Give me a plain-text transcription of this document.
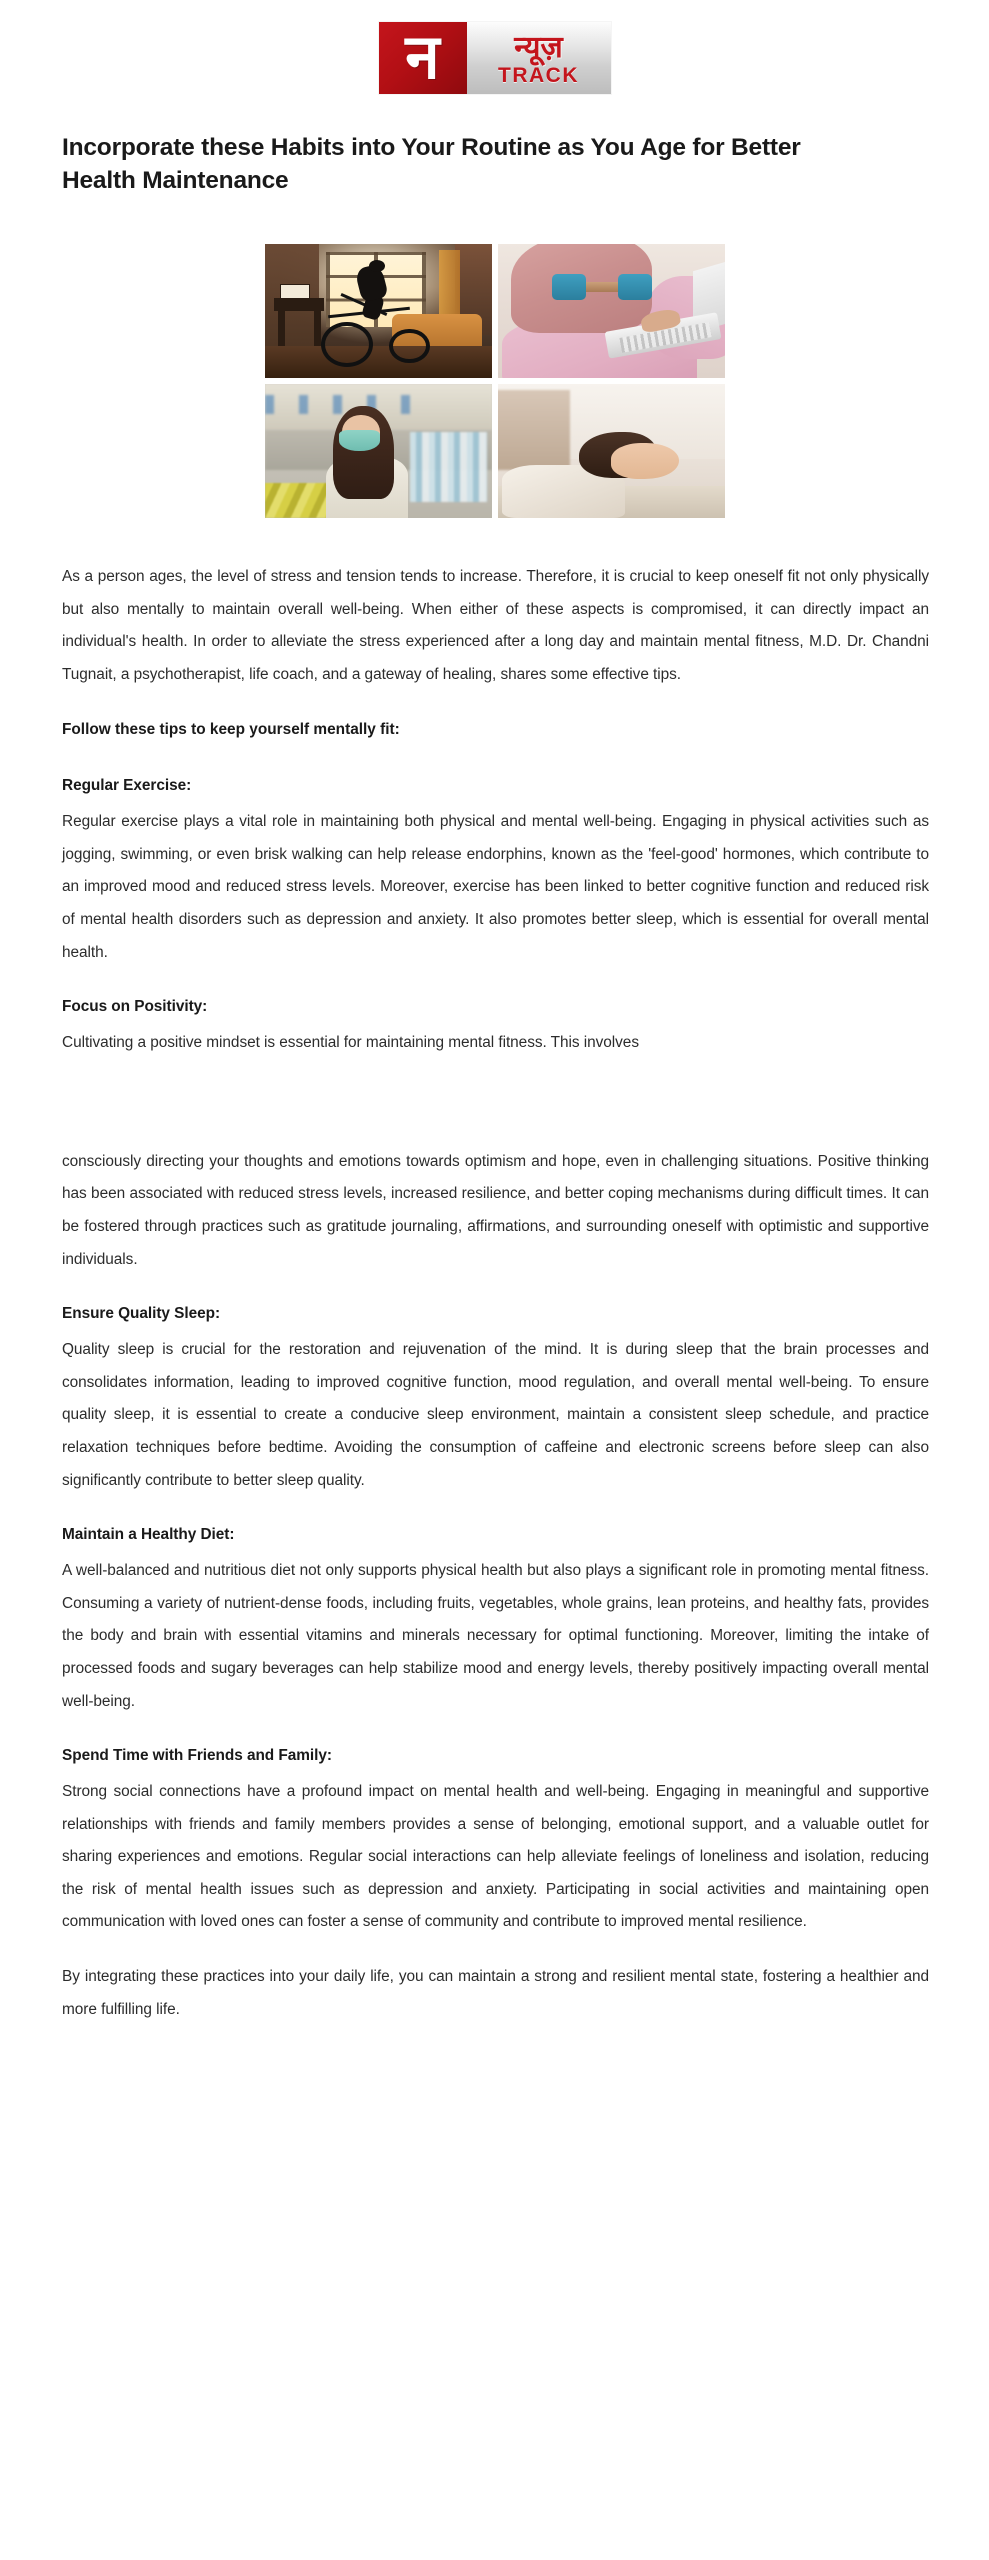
न न्यूज़
TRACK
Incorporate these Habits into Your Routine as You Age for Better Health Maintenance

As a person ages, the level of stress and tension tends to increase. Therefore, it is crucial to keep oneself fit not only physically but also mentally to maintain overall well-being. When either of these aspects is compromised, it can directly impact an individual's health. In order to alleviate the stress experienced after a long day and maintain mental fitness, M.D. Dr. Chandni Tugnait, a psychotherapist, life coach, and a gateway of healing, shares some effective tips.

Follow these tips to keep yourself mentally fit:

Regular Exercise:

Regular exercise plays a vital role in maintaining both physical and mental well-being. Engaging in physical activities such as jogging, swimming, or even brisk walking can help release endorphins, known as the 'feel-good' hormones, which contribute to an improved mood and reduced stress levels. Moreover, exercise has been linked to better cognitive function and reduced risk of mental health disorders such as depression and anxiety. It also promotes better sleep, which is essential for overall mental health.

Focus on Positivity:

Cultivating a positive mindset is essential for maintaining mental fitness. This involves

consciously directing your thoughts and emotions towards optimism and hope, even in challenging situations. Positive thinking has been associated with reduced stress levels, increased resilience, and better coping mechanisms during difficult times. It can be fostered through practices such as gratitude journaling, affirmations, and surrounding oneself with optimistic and supportive individuals.

Ensure Quality Sleep:

Quality sleep is crucial for the restoration and rejuvenation of the mind. It is during sleep that the brain processes and consolidates information, leading to improved cognitive function, mood regulation, and overall mental well-being. To ensure quality sleep, it is essential to create a conducive sleep environment, maintain a consistent sleep schedule, and practice relaxation techniques before bedtime. Avoiding the consumption of caffeine and electronic screens before sleep can also significantly contribute to better sleep quality.

Maintain a Healthy Diet:

A well-balanced and nutritious diet not only supports physical health but also plays a significant role in promoting mental fitness. Consuming a variety of nutrient-dense foods, including fruits, vegetables, whole grains, lean proteins, and healthy fats, provides the body and brain with essential vitamins and minerals necessary for optimal functioning. Moreover, limiting the intake of processed foods and sugary beverages can help stabilize mood and energy levels, thereby positively impacting overall mental well-being.

Spend Time with Friends and Family:

Strong social connections have a profound impact on mental health and well-being. Engaging in meaningful and supportive relationships with friends and family members provides a sense of belonging, emotional support, and a valuable outlet for sharing experiences and emotions. Regular social interactions can help alleviate feelings of loneliness and isolation, reducing the risk of mental health issues such as depression and anxiety. Participating in social activities and maintaining open communication with loved ones can foster a sense of community and contribute to improved mental resilience.

By integrating these practices into your daily life, you can maintain a strong and resilient mental state, fostering a healthier and more fulfilling life.
